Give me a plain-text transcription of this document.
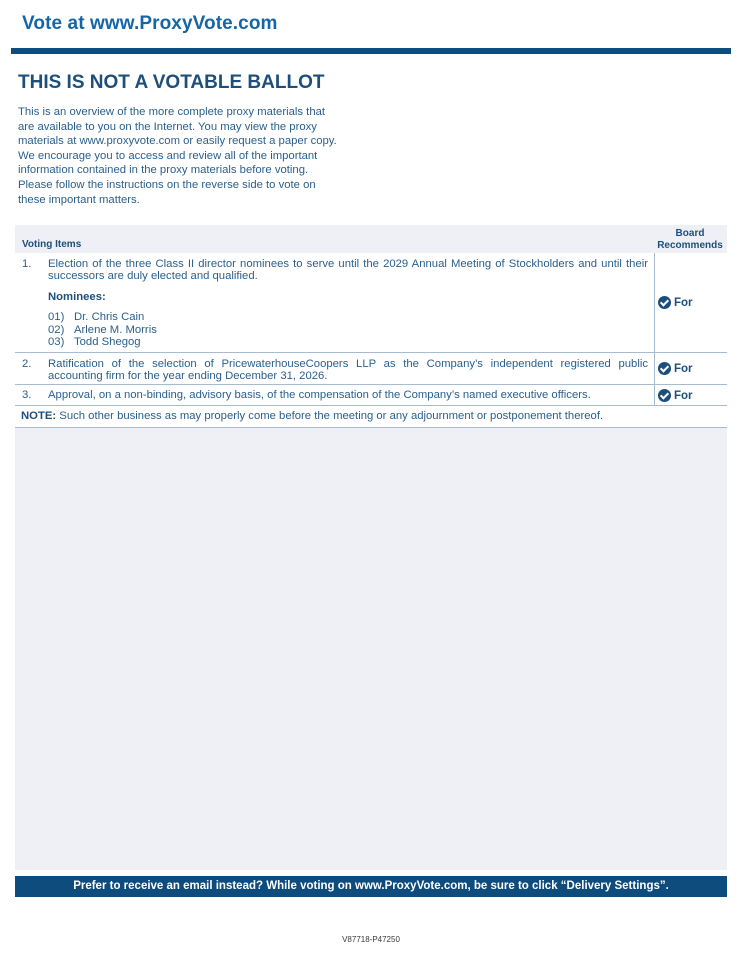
Vote at www.ProxyVote.com
THIS IS NOT A VOTABLE BALLOT
This is an overview of the more complete proxy materials that
are available to you on the Internet. You may view the proxy
materials at www.proxyvote.com or easily request a paper copy.
We encourage you to access and review all of the important
information contained in the proxy materials before voting.
Please follow the instructions on the reverse side to vote on
these important matters.
Voting Items
Board
Recommends
1. Election of the three Class II director nominees to serve until the 2029 Annual Meeting of Stockholders and until their successors are duly elected and qualified.
Nominees:
01) Dr. Chris Cain
02) Arlene M. Morris
03) Todd Shegog
For
2. Ratification of the selection of PricewaterhouseCoopers LLP as the Company’s independent registered public accounting firm for the year ending December 31, 2026.
For
3. Approval, on a non-binding, advisory basis, of the compensation of the Company’s named executive officers.	For
NOTE: Such other business as may properly come before the meeting or any adjournment or postponement thereof.
Prefer to receive an email instead? While voting on www.ProxyVote.com, be sure to click “Delivery Settings”.
V87718-P47250
